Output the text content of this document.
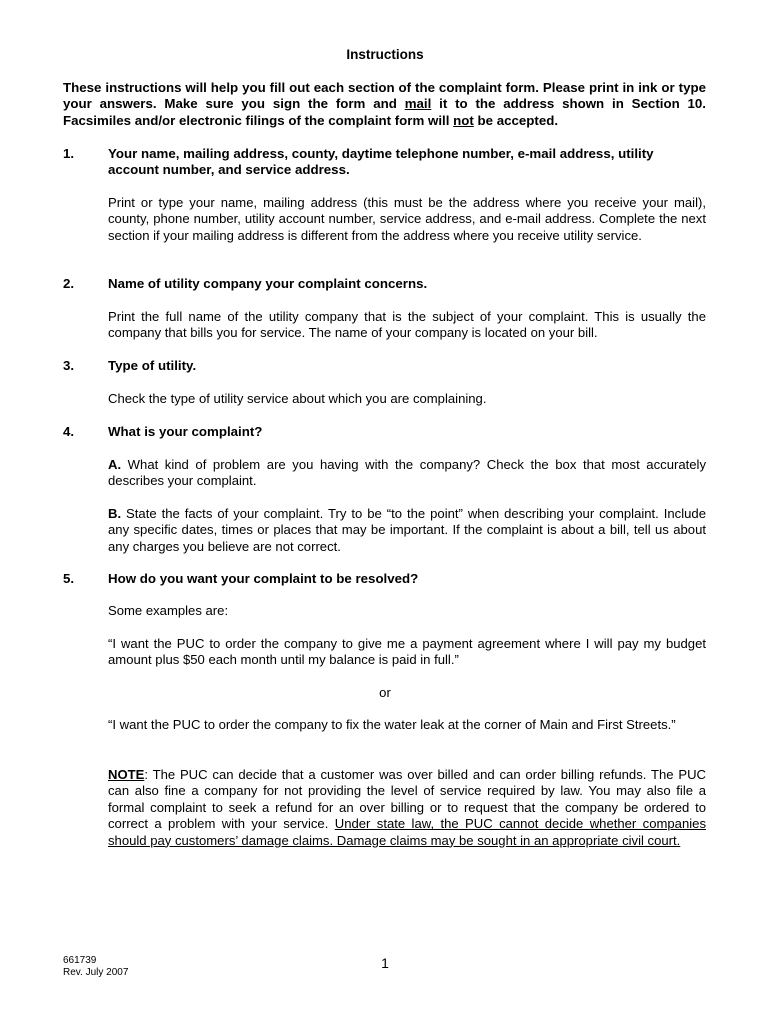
Instructions
These instructions will help you fill out each section of the complaint form. Please print in ink or type your answers. Make sure you sign the form and mail it to the address shown in Section 10. Facsimiles and/or electronic filings of the complaint form will not be accepted.
1.	Your name, mailing address, county, daytime telephone number, e-mail address, utility account number, and service address.
Print or type your name, mailing address (this must be the address where you receive your mail), county, phone number, utility account number, service address, and e-mail address. Complete the next section if your mailing address is different from the address where you receive utility service.
2.	Name of utility company your complaint concerns.
Print the full name of the utility company that is the subject of your complaint. This is usually the company that bills you for service. The name of your company is located on your bill.
3.	Type of utility.
Check the type of utility service about which you are complaining.
4.	What is your complaint?
A. What kind of problem are you having with the company? Check the box that most accurately describes your complaint.
B. State the facts of your complaint. Try to be “to the point” when describing your complaint. Include any specific dates, times or places that may be important. If the complaint is about a bill, tell us about any charges you believe are not correct.
5.	How do you want your complaint to be resolved?
Some examples are:
“I want the PUC to order the company to give me a payment agreement where I will pay my budget amount plus $50 each month until my balance is paid in full.”
or
“I want the PUC to order the company to fix the water leak at the corner of Main and First Streets.”
NOTE: The PUC can decide that a customer was over billed and can order billing refunds. The PUC can also fine a company for not providing the level of service required by law. You may also file a formal complaint to seek a refund for an over billing or to request that the company be ordered to correct a problem with your service. Under state law, the PUC cannot decide whether companies should pay customers’ damage claims. Damage claims may be sought in an appropriate civil court.
661739
Rev. July 2007
1
